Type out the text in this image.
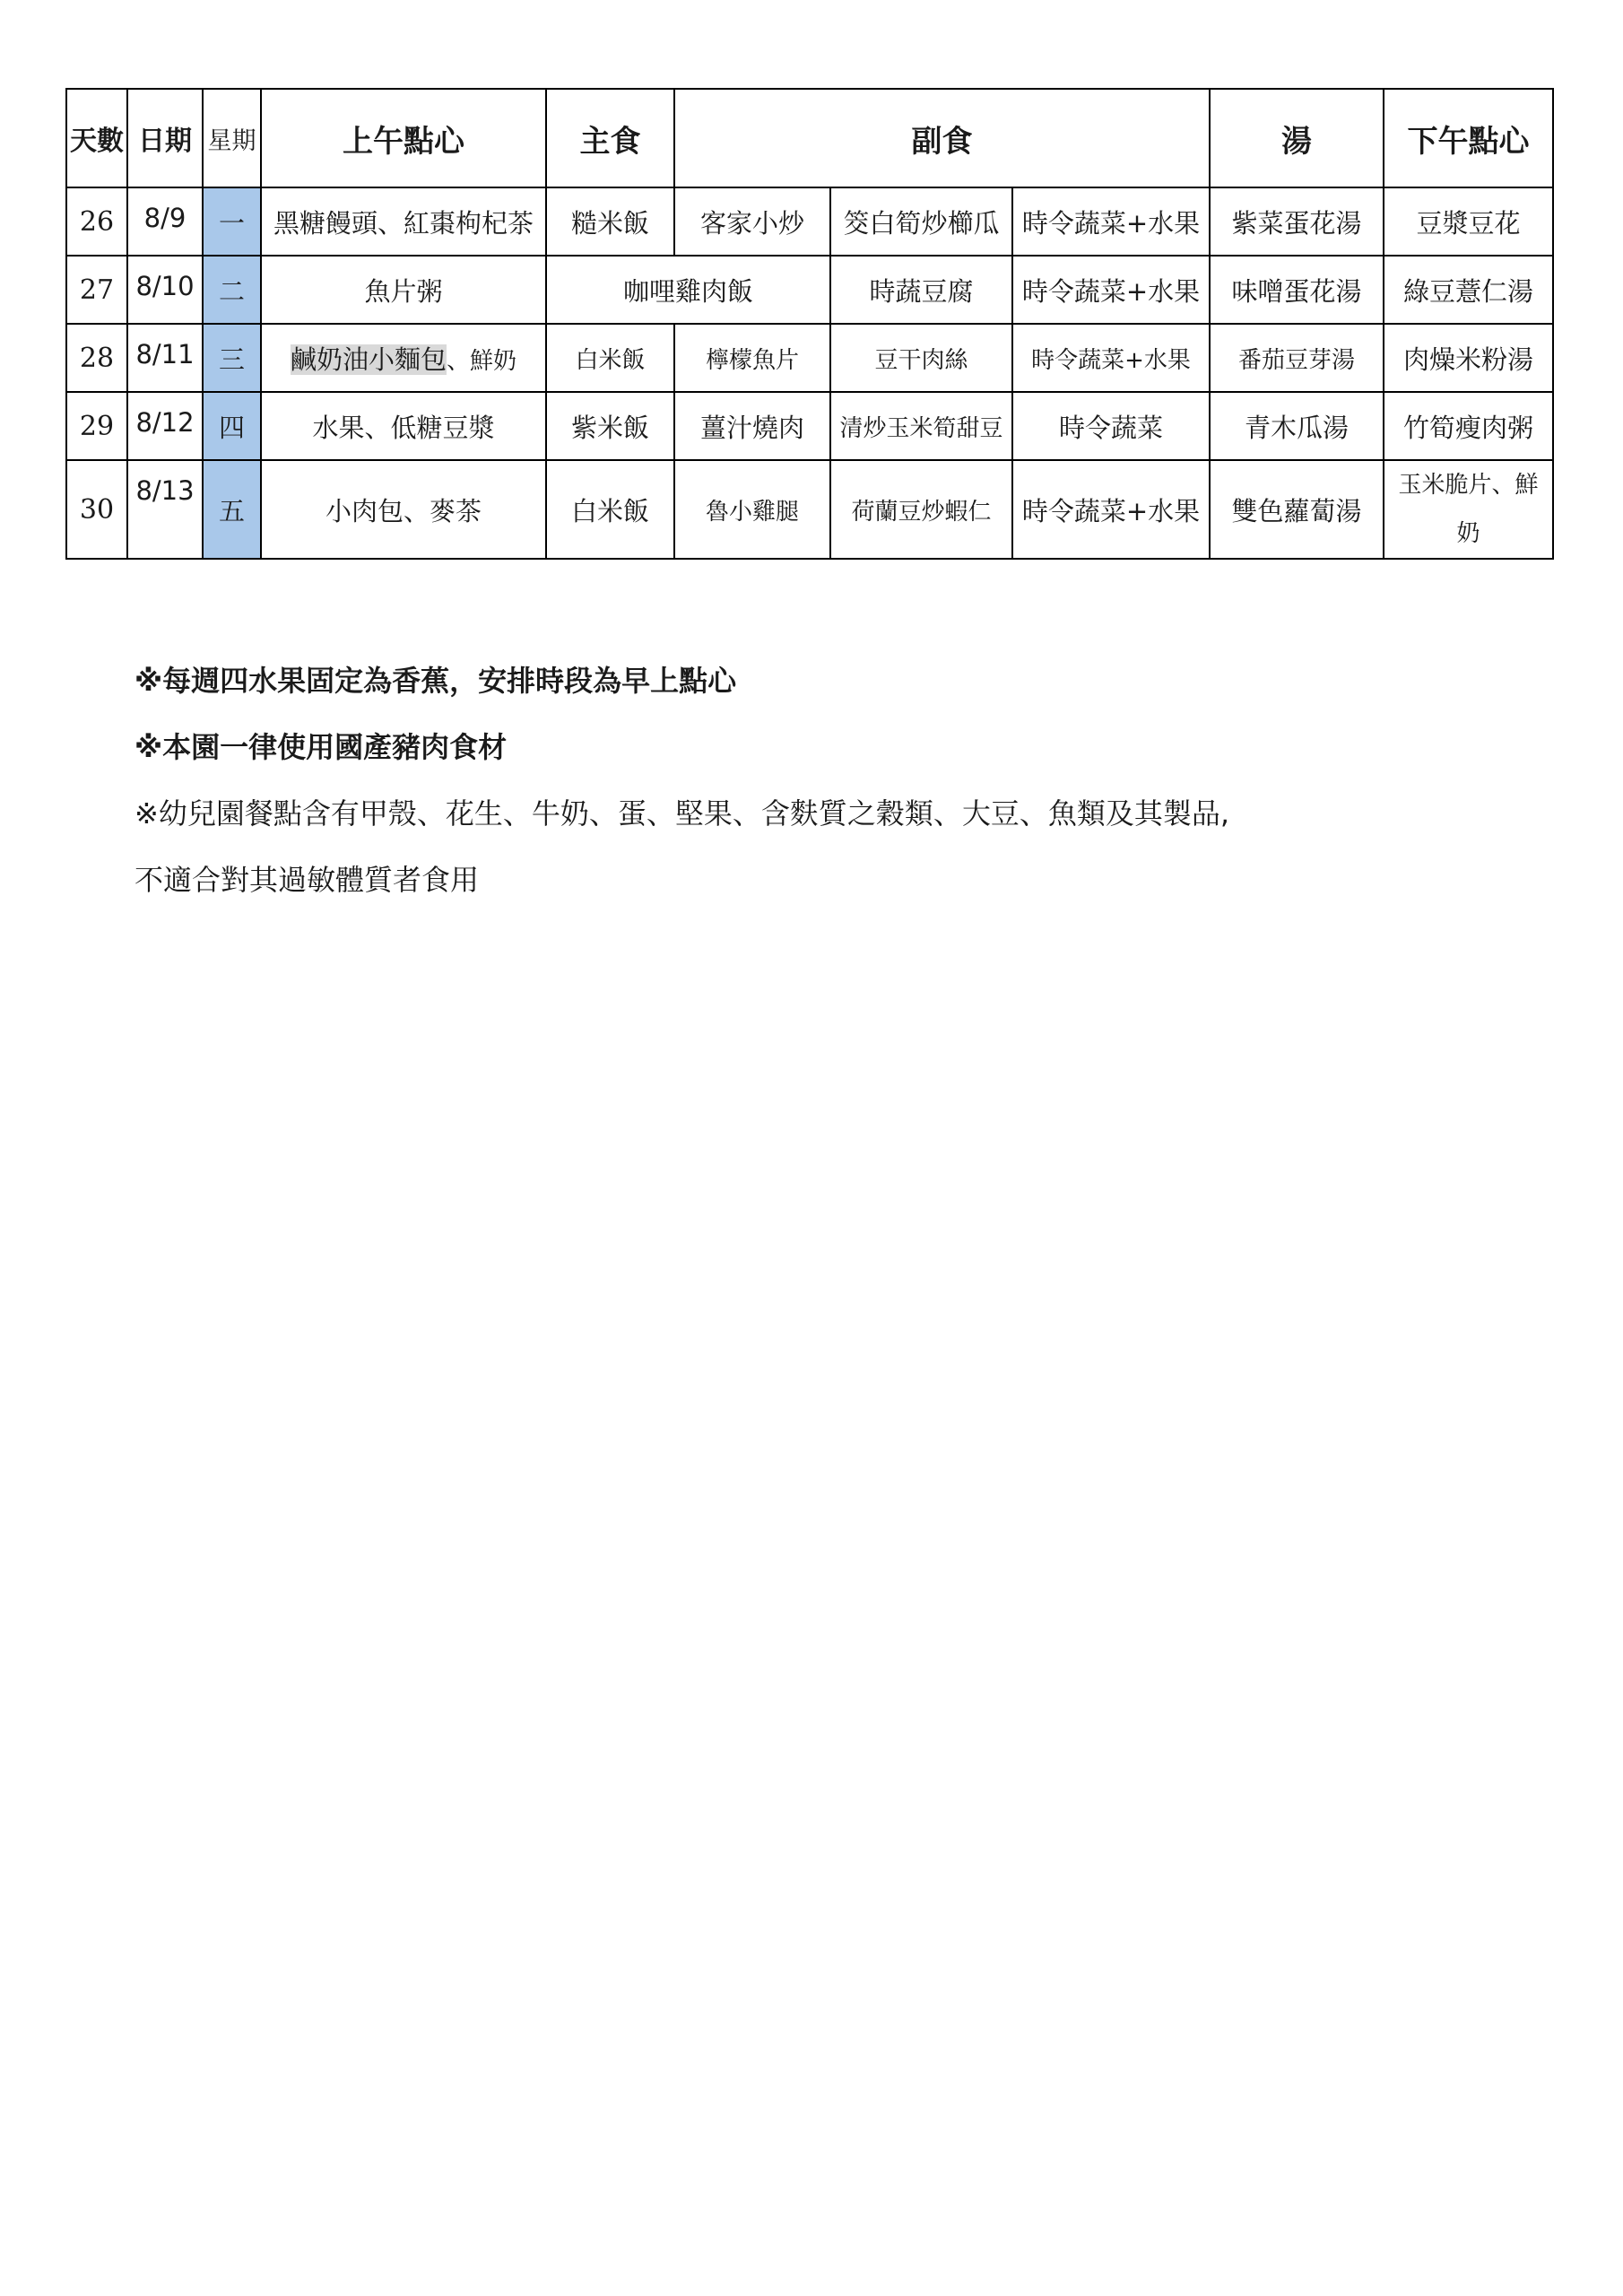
天數	日期	星期	上午點心	主食	副食			湯	下午點心
26	8/9	一	黑糖饅頭、紅棗枸杞茶	糙米飯	客家小炒	筊白筍炒櫛瓜	時令蔬菜+水果	紫菜蛋花湯	豆漿豆花
27	8/10	二	魚片粥	咖哩雞肉飯		時蔬豆腐	時令蔬菜+水果	味噌蛋花湯	綠豆薏仁湯
28	8/11	三	鹹奶油小麵包、鮮奶	白米飯	檸檬魚片	豆干肉絲	時令蔬菜+水果	番茄豆芽湯	肉燥米粉湯
29	8/12	四	水果、低糖豆漿	紫米飯	薑汁燒肉	清炒玉米筍甜豆	時令蔬菜	青木瓜湯	竹筍瘦肉粥
30	8/13	五	小肉包、麥茶	白米飯	魯小雞腿	荷蘭豆炒蝦仁	時令蔬菜+水果	雙色蘿蔔湯	玉米脆片、鮮奶
※每週四水果固定為香蕉，安排時段為早上點心
※本園一律使用國產豬肉食材
※幼兒園餐點含有甲殼、花生、牛奶、蛋、堅果、含麩質之穀類、大豆、魚類及其製品,
不適合對其過敏體質者食用
